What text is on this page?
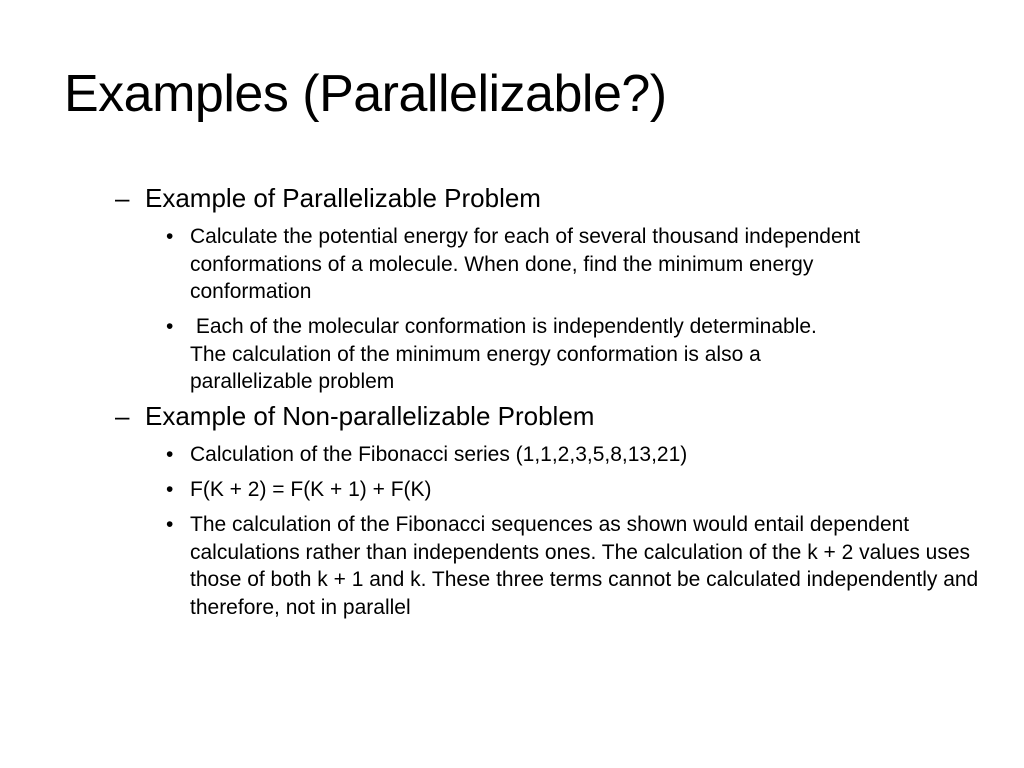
Examples (Parallelizable?)
– Example of Parallelizable Problem
• Calculate the potential energy for each of several thousand independent conformations of a molecule. When done, find the minimum energy conformation
• Each of the molecular conformation is independently determinable. The calculation of the minimum energy conformation is also a parallelizable problem
– Example of Non-parallelizable Problem
• Calculation of the Fibonacci series (1,1,2,3,5,8,13,21)
• F(K + 2) = F(K + 1) + F(K)
• The calculation of the Fibonacci sequences as shown would entail dependent calculations rather than independents ones. The calculation of the k + 2 values uses those of both k + 1 and k. These three terms cannot be calculated independently and therefore, not in parallel
